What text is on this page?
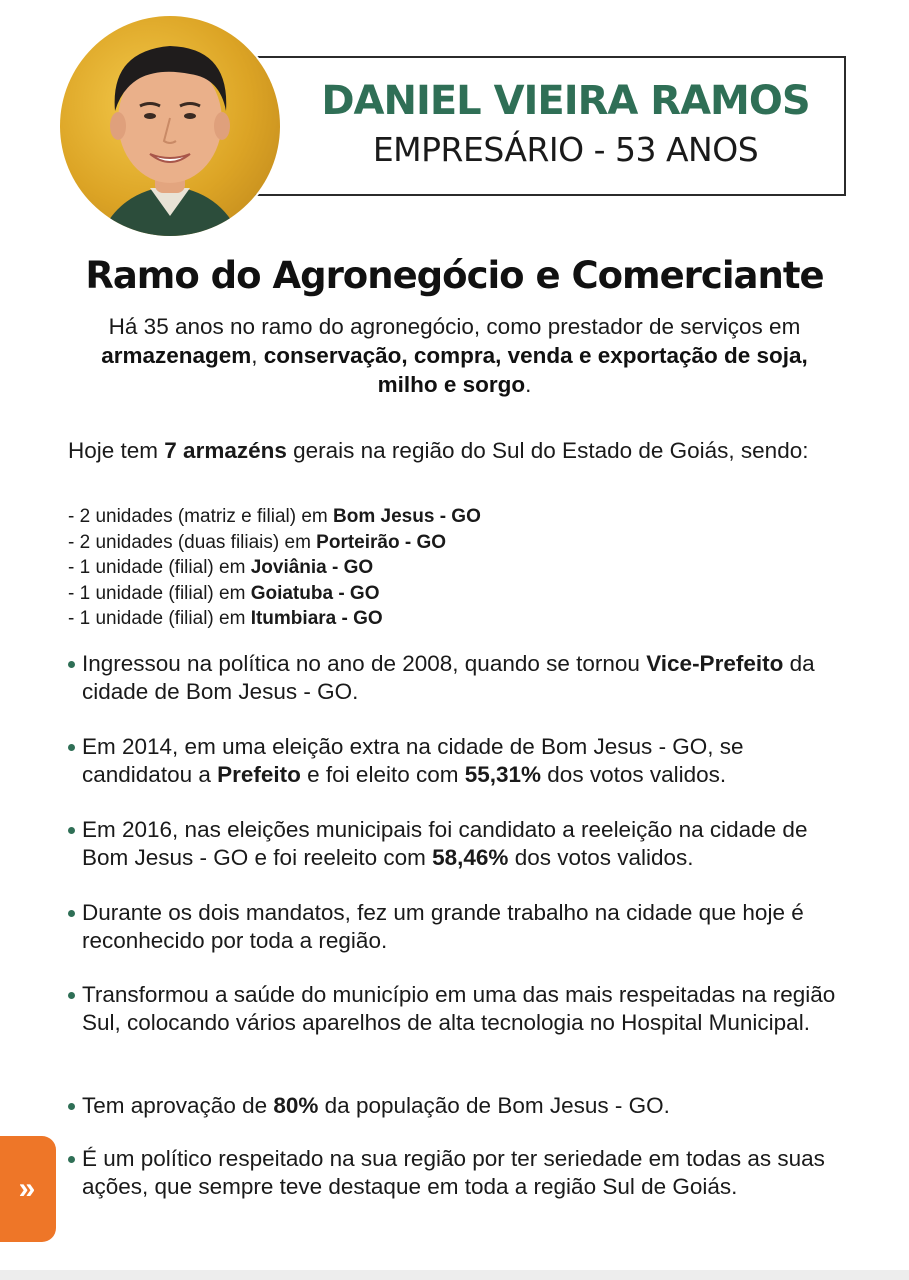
DANIEL VIEIRA RAMOS
EMPRESÁRIO - 53 ANOS
Ramo do Agronegócio e Comerciante
Há 35 anos no ramo do agronegócio, como prestador de serviços em armazenagem, conservação, compra, venda e exportação de soja, milho e sorgo.
Hoje tem 7 armazéns gerais na região do Sul do Estado de Goiás, sendo:
- 2 unidades (matriz e filial) em Bom Jesus - GO
- 2 unidades (duas filiais) em Porteirão - GO
- 1 unidade (filial) em Joviânia - GO
- 1 unidade (filial) em Goiatuba - GO
- 1 unidade (filial) em Itumbiara - GO
Ingressou na política no ano de 2008, quando se tornou Vice-Prefeito da cidade de Bom Jesus - GO.
Em 2014, em uma eleição extra na cidade de Bom Jesus - GO, se candidatou a Prefeito e foi eleito com 55,31% dos votos validos.
Em 2016, nas eleições municipais foi candidato a reeleição na cidade de Bom Jesus - GO e foi reeleito com 58,46% dos votos validos.
Durante os dois mandatos, fez um grande trabalho na cidade que hoje é reconhecido por toda a região.
Transformou a saúde do município em uma das mais respeitadas na região Sul, colocando vários aparelhos de alta tecnologia no Hospital Municipal.
Tem aprovação de 80% da população de Bom Jesus - GO.
É um político respeitado na sua região por ter seriedade em todas as suas ações, que sempre teve destaque em toda a região Sul de Goiás.
»
